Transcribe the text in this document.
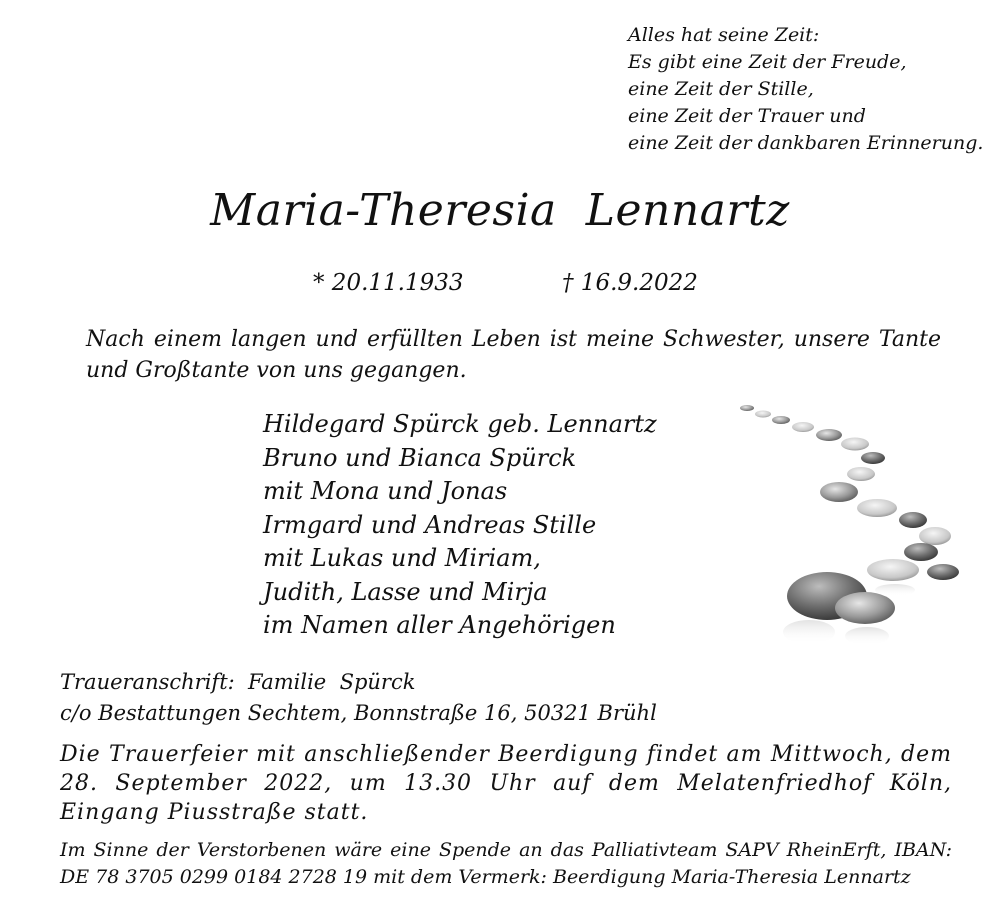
Alles hat seine Zeit:
Es gibt eine Zeit der Freude,
eine Zeit der Stille,
eine Zeit der Trauer und
eine Zeit der dankbaren Erinnerung.
Maria-Theresia  Lennartz
* 20.11.1933	† 16.9.2022
Nach einem langen und erfüllten Leben ist meine Schwester, unsere Tante und Großtante von uns gegangen.
Hildegard Spürck geb. Lennartz
Bruno und Bianca Spürck
mit Mona und Jonas
Irmgard und Andreas Stille
mit Lukas und Miriam,
Judith, Lasse und Mirja
im Namen aller Angehörigen
Traueranschrift:  Familie  Spürck
c/o Bestattungen Sechtem, Bonnstraße 16, 50321 Brühl
Die Trauerfeier mit anschließender Beerdigung findet am Mittwoch, dem 28. September 2022, um 13.30 Uhr auf dem Melatenfriedhof Köln, Eingang Piusstraße statt.
Im Sinne der Verstorbenen wäre eine Spende an das Palliativteam SAPV RheinErft, IBAN: DE 78 3705 0299 0184 2728 19 mit dem Vermerk: Beerdigung Maria-Theresia Lennartz
